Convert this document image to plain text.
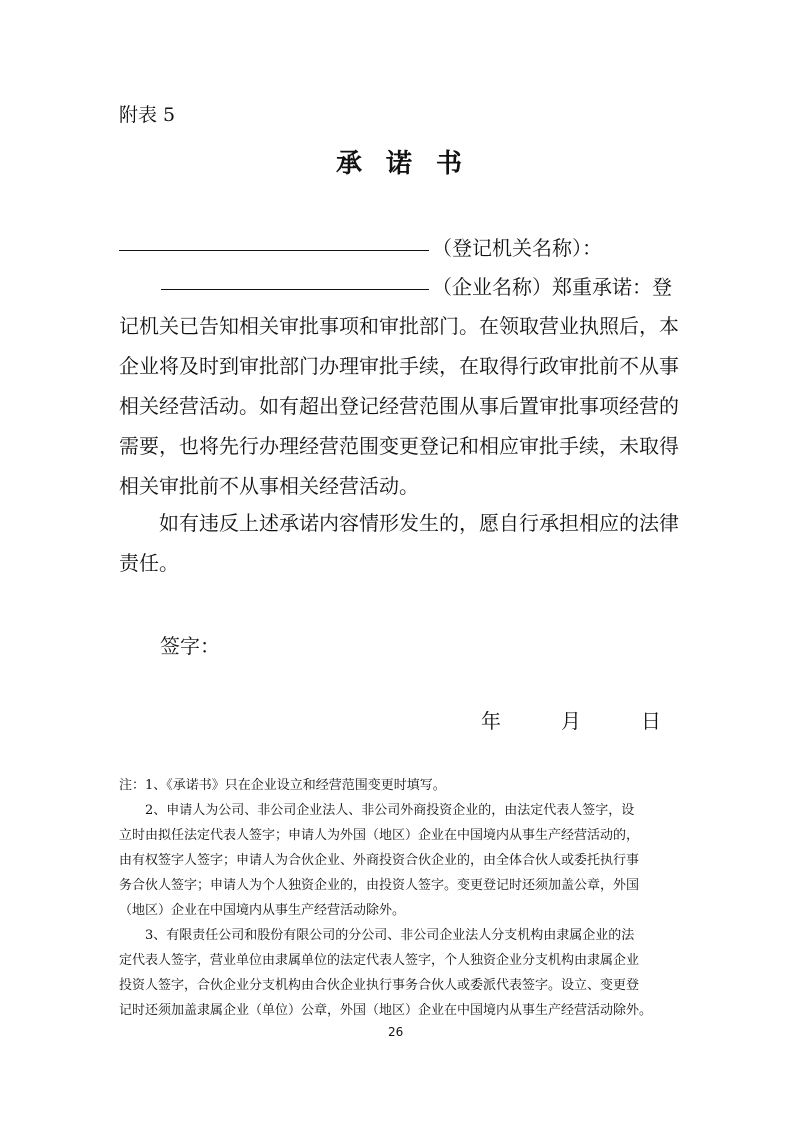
附表 5
承诺书
（登记机关名称）：
（企业名称）郑重承诺：登
记机关已告知相关审批事项和审批部门。在领取营业执照后，本
企业将及时到审批部门办理审批手续，在取得行政审批前不从事
相关经营活动。如有超出登记经营范围从事后置审批事项经营的
需要，也将先行办理经营范围变更登记和相应审批手续，未取得
相关审批前不从事相关经营活动。
　　如有违反上述承诺内容情形发生的，愿自行承担相应的法律
责任。
签字：
年	月	日
注：1、《承诺书》只在企业设立和经营范围变更时填写。
　　2、申请人为公司、非公司企业法人、非公司外商投资企业的，由法定代表人签字，设
立时由拟任法定代表人签字；申请人为外国（地区）企业在中国境内从事生产经营活动的，
由有权签字人签字；申请人为合伙企业、外商投资合伙企业的，由全体合伙人或委托执行事
务合伙人签字；申请人为个人独资企业的，由投资人签字。变更登记时还须加盖公章，外国
（地区）企业在中国境内从事生产经营活动除外。
　　3、有限责任公司和股份有限公司的分公司、非公司企业法人分支机构由隶属企业的法
定代表人签字，营业单位由隶属单位的法定代表人签字，个人独资企业分支机构由隶属企业
投资人签字，合伙企业分支机构由合伙企业执行事务合伙人或委派代表签字。设立、变更登
记时还须加盖隶属企业（单位）公章，外国（地区）企业在中国境内从事生产经营活动除外。
26
